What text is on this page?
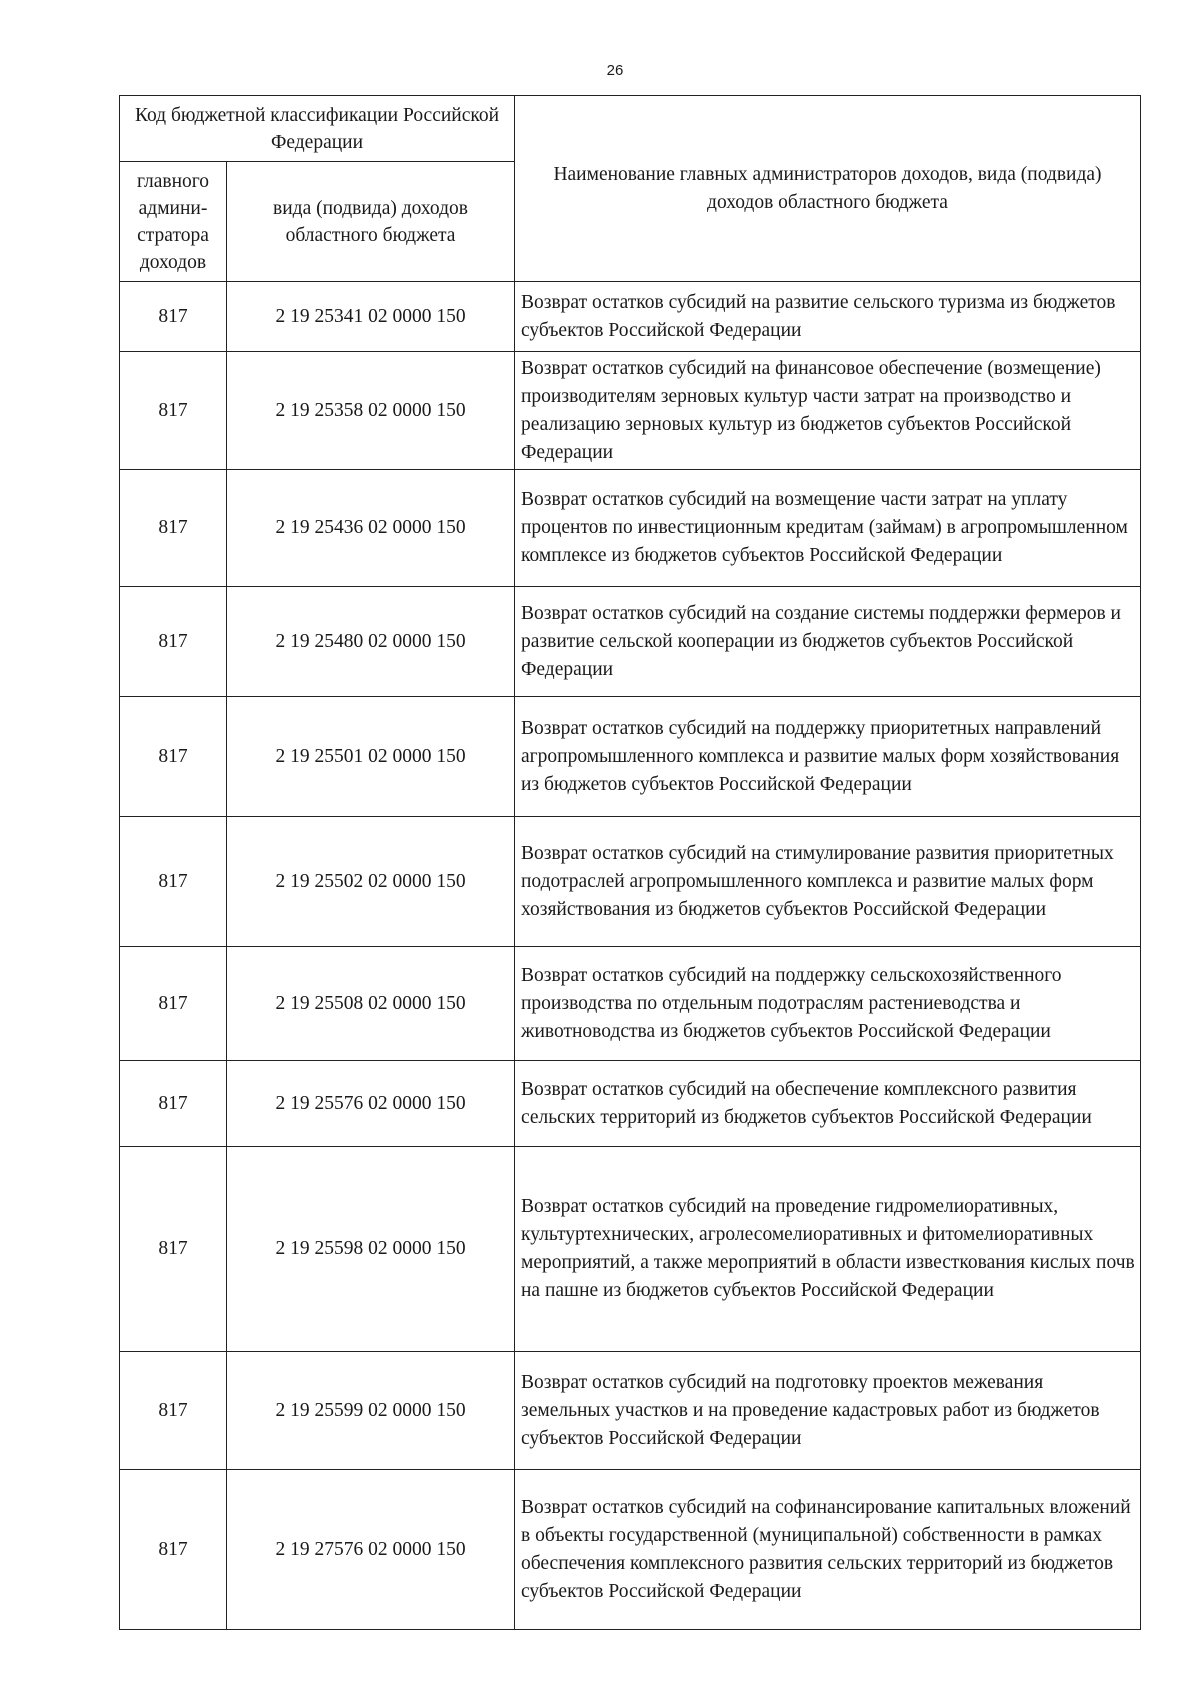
26
Код бюджетной классификации Российской Федерации		Наименование главных администраторов доходов, вида (подвида) доходов областного бюджета
главного админи-стратора доходов	вида (подвида) доходов областного бюджета	
817	2 19 25341 02 0000 150	Возврат остатков субсидий на развитие сельского туризма из бюджетов субъектов Российской Федерации
817	2 19 25358 02 0000 150	Возврат остатков субсидий на финансовое обеспечение (возмещение) производителям зерновых культур части затрат на производство и реализацию зерновых культур из бюджетов субъектов Российской Федерации
817	2 19 25436 02 0000 150	Возврат остатков субсидий на возмещение части затрат на уплату процентов по инвестиционным кредитам (займам) в агропромышленном комплексе из бюджетов субъектов Российской Федерации
817	2 19 25480 02 0000 150	Возврат остатков субсидий на создание системы поддержки фермеров и развитие сельской кооперации из бюджетов субъектов Российской Федерации
817	2 19 25501 02 0000 150	Возврат остатков субсидий на поддержку приоритетных направлений агропромышленного комплекса и развитие малых форм хозяйствования из бюджетов субъектов Российской Федерации
817	2 19 25502 02 0000 150	Возврат остатков субсидий на стимулирование развития приоритетных подотраслей агропромышленного комплекса и развитие малых форм хозяйствования из бюджетов субъектов Российской Федерации
817	2 19 25508 02 0000 150	Возврат остатков субсидий на поддержку сельскохозяйственного производства по отдельным подотраслям растениеводства и животноводства из бюджетов субъектов Российской Федерации
817	2 19 25576 02 0000 150	Возврат остатков субсидий на обеспечение комплексного развития сельских территорий из бюджетов субъектов Российской Федерации
817	2 19 25598 02 0000 150	Возврат остатков субсидий на проведение гидромелиоративных, культуртехнических, агролесомелиоративных и фитомелиоративных мероприятий, а также мероприятий в области известкования кислых почв на пашне из бюджетов субъектов Российской Федерации
817	2 19 25599 02 0000 150	Возврат остатков субсидий на подготовку проектов межевания земельных участков и на проведение кадастровых работ из бюджетов субъектов Российской Федерации
817	2 19 27576 02 0000 150	Возврат остатков субсидий на софинансирование капитальных вложений в объекты государственной (муниципальной) собственности в рамках обеспечения комплексного развития сельских территорий из бюджетов субъектов Российской Федерации
